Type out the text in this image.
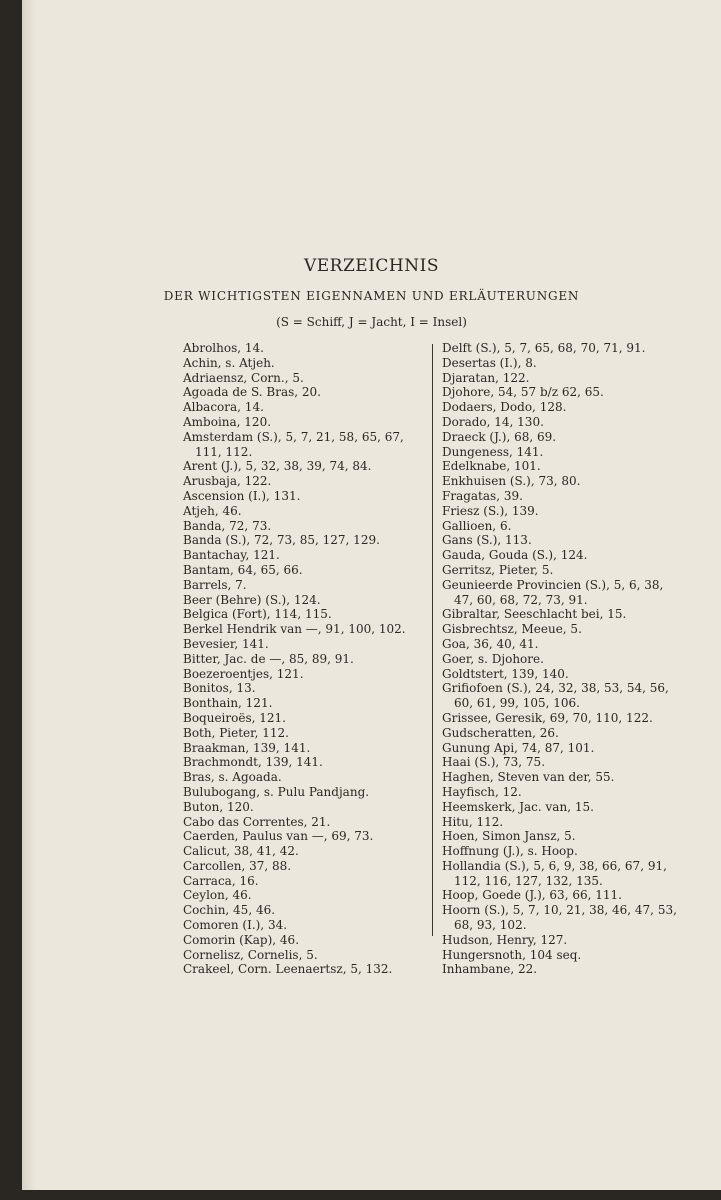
VERZEICHNIS
DER WICHTIGSTEN EIGENNAMEN UND ERLÄUTERUNGEN
(S = Schiff, J = Jacht, I = Insel)
Abrolhos, 14.
Achin, s. Atjeh.
Adriaensz, Corn., 5.
Agoada de S. Bras, 20.
Albacora, 14.
Amboina, 120.
Amsterdam (S.), 5, 7, 21, 58, 65, 67,
111, 112.
Arent (J.), 5, 32, 38, 39, 74, 84.
Arusbaja, 122.
Ascension (I.), 131.
Atjeh, 46.
Banda, 72, 73.
Banda (S.), 72, 73, 85, 127, 129.
Bantachay, 121.
Bantam, 64, 65, 66.
Barrels, 7.
Beer (Behre) (S.), 124.
Belgica (Fort), 114, 115.
Berkel Hendrik van —, 91, 100, 102.
Bevesier, 141.
Bitter, Jac. de —, 85, 89, 91.
Boezeroentjes, 121.
Bonitos, 13.
Bonthain, 121.
Boqueiroës, 121.
Both, Pieter, 112.
Braakman, 139, 141.
Brachmondt, 139, 141.
Bras, s. Agoada.
Bulubogang, s. Pulu Pandjang.
Buton, 120.
Cabo das Correntes, 21.
Caerden, Paulus van —, 69, 73.
Calicut, 38, 41, 42.
Carcollen, 37, 88.
Carraca, 16.
Ceylon, 46.
Cochin, 45, 46.
Comoren (I.), 34.
Comorin (Kap), 46.
Cornelisz, Cornelis, 5.
Crakeel, Corn. Leenaertsz, 5, 132.
Delft (S.), 5, 7, 65, 68, 70, 71, 91.
Desertas (I.), 8.
Djaratan, 122.
Djohore, 54, 57 b/z 62, 65.
Dodaers, Dodo, 128.
Dorado, 14, 130.
Draeck (J.), 68, 69.
Dungeness, 141.
Edelknabe, 101.
Enkhuisen (S.), 73, 80.
Fragatas, 39.
Friesz (S.), 139.
Gallioen, 6.
Gans (S.), 113.
Gauda, Gouda (S.), 124.
Gerritsz, Pieter, 5.
Geunieerde Provincien (S.), 5, 6, 38,
47, 60, 68, 72, 73, 91.
Gibraltar, Seeschlacht bei, 15.
Gisbrechtsz, Meeue, 5.
Goa, 36, 40, 41.
Goer, s. Djohore.
Goldtstert, 139, 140.
Grifiofoen (S.), 24, 32, 38, 53, 54, 56,
60, 61, 99, 105, 106.
Grissee, Geresik, 69, 70, 110, 122.
Gudscheratten, 26.
Gunung Api, 74, 87, 101.
Haai (S.), 73, 75.
Haghen, Steven van der, 55.
Hayfisch, 12.
Heemskerk, Jac. van, 15.
Hitu, 112.
Hoen, Simon Jansz, 5.
Hoffnung (J.), s. Hoop.
Hollandia (S.), 5, 6, 9, 38, 66, 67, 91,
112, 116, 127, 132, 135.
Hoop, Goede (J.), 63, 66, 111.
Hoorn (S.), 5, 7, 10, 21, 38, 46, 47, 53,
68, 93, 102.
Hudson, Henry, 127.
Hungersnoth, 104 seq.
Inhambane, 22.
